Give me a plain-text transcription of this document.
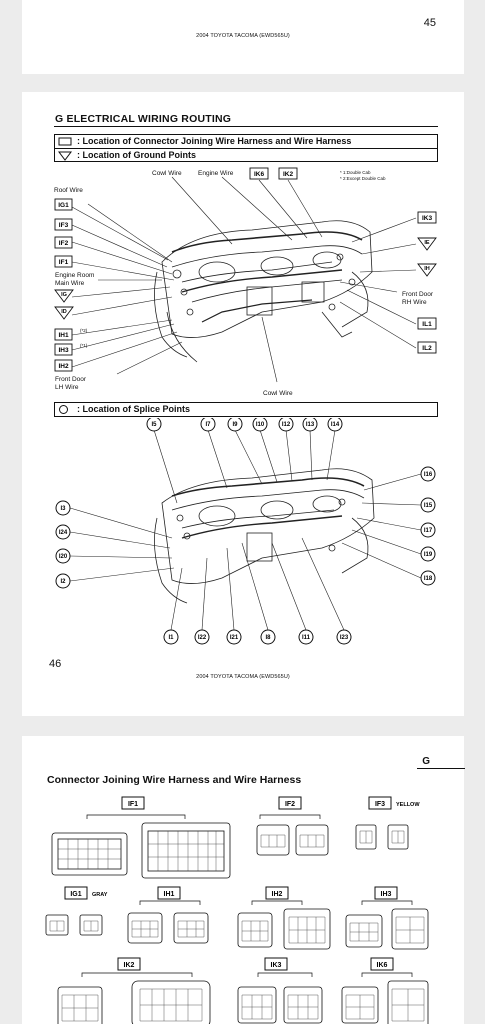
45
2004 TOYOTA TACOMA (EWD565U)
G ELECTRICAL WIRING ROUTING
: Location of Connector Joining Wire Harness and Wire Harness
: Location of Ground Points
Roof Wire
Cowl Wire	Engine Wire
Engine Room
Main Wire
Front Door
LH Wire
Front Door
RH Wire
Cowl Wire
* 1:Double Cab
* 2:Except Double Cab
IG1
IF3
IF2
IF1
IG
ID
IH1
IH3
IH2
(*2)
(*1)
IK6	IK2
IK3
IL1
IL2
IE
IH
: Location of Splice Points
I5	I7	I9	I10	I12	I13	I14
I3
I24
I20
I2
I16
I15
I17
I19
I18
I1	I22	I21	I8	I11	I23
46
2004 TOYOTA TACOMA (EWD565U)
G
Connector Joining Wire Harness and Wire Harness
IF1	IF2	IF3
IG1	IH1	IH2	IH3
IK2	IK3	IK6
YELLOW
GRAY
